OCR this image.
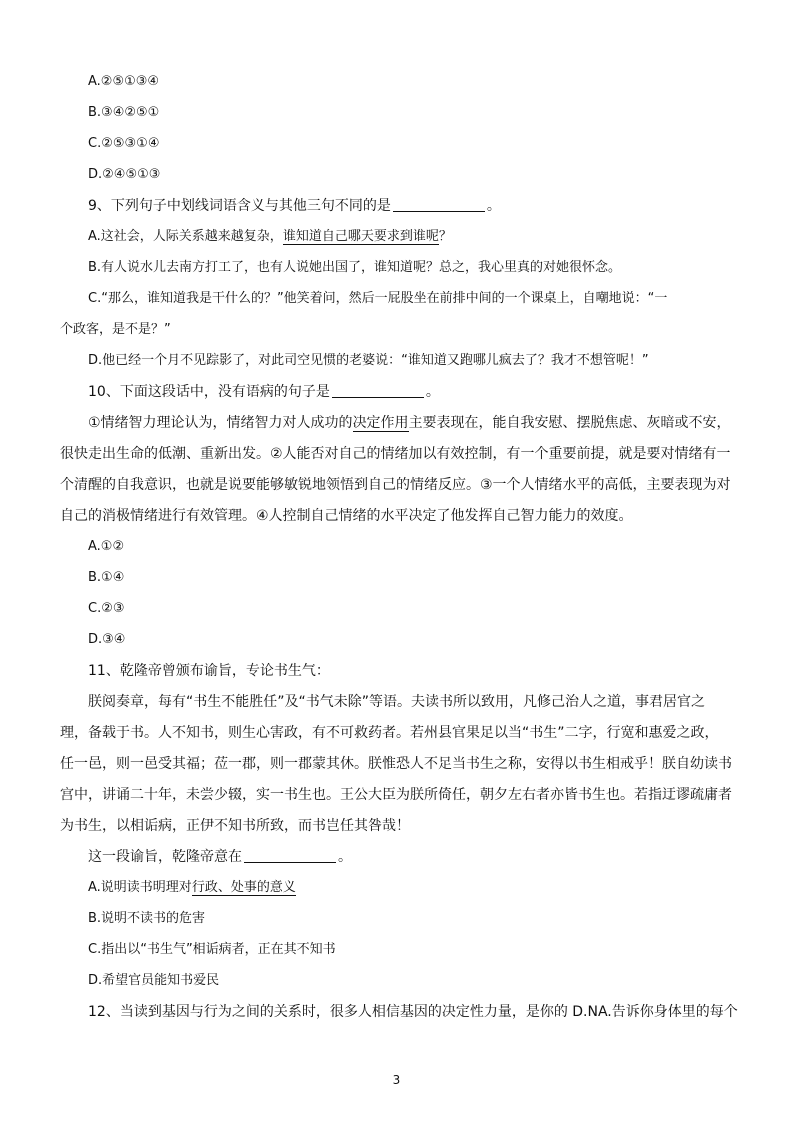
A.②⑤①③④
B.③④②⑤①
C.②⑤③①④
D.②④⑤①③
9、下列句子中划线词语含义与其他三句不同的是	。
A.这社会，人际关系越来越复杂，谁知道自己哪天要求到谁呢？
B.有人说水儿去南方打工了，也有人说她出国了，谁知道呢？总之，我心里真的对她很怀念。
C.“那么，谁知道我是干什么的？”他笑着问，然后一屁股坐在前排中间的一个课桌上，自嘲地说：“一
个政客，是不是？”
D.他已经一个月不见踪影了，对此司空见惯的老婆说：“谁知道又跑哪儿疯去了？我才不想管呢！”
10、下面这段话中，没有语病的句子是	。
①情绪智力理论认为，情绪智力对人成功的决定作用主要表现在，能自我安慰、摆脱焦虑、灰暗或不安，
很快走出生命的低潮、重新出发。②人能否对自己的情绪加以有效控制，有一个重要前提，就是要对情绪有一
个清醒的自我意识，也就是说要能够敏锐地领悟到自己的情绪反应。③一个人情绪水平的高低，主要表现为对
自己的消极情绪进行有效管理。④人控制自己情绪的水平决定了他发挥自己智力能力的效度。
A.①②
B.①④
C.②③
D.③④
11、乾隆帝曾颁布谕旨，专论书生气：
朕阅奏章，每有“书生不能胜任”及“书气未除”等语。夫读书所以致用，凡修己治人之道，事君居官之
理，备载于书。人不知书，则生心害政，有不可救药者。若州县官果足以当“书生”二字，行宽和惠爱之政，
任一邑，则一邑受其福；莅一郡，则一郡蒙其休。朕惟恐人不足当书生之称，安得以书生相戒乎！朕自幼读书
宫中，讲诵二十年，未尝少辍，实一书生也。王公大臣为朕所倚任，朝夕左右者亦皆书生也。若指迂谬疏庸者
为书生，以相诟病，正伊不知书所致，而书岂任其咎哉！
这一段谕旨，乾隆帝意在	。
A.说明读书明理对行政、处事的意义
B.说明不读书的危害
C.指出以“书生气”相诟病者，正在其不知书
D.希望官员能知书爱民
12、当读到基因与行为之间的关系时，很多人相信基因的决定性力量，是你的 D.NA.告诉你身体里的每个
3
